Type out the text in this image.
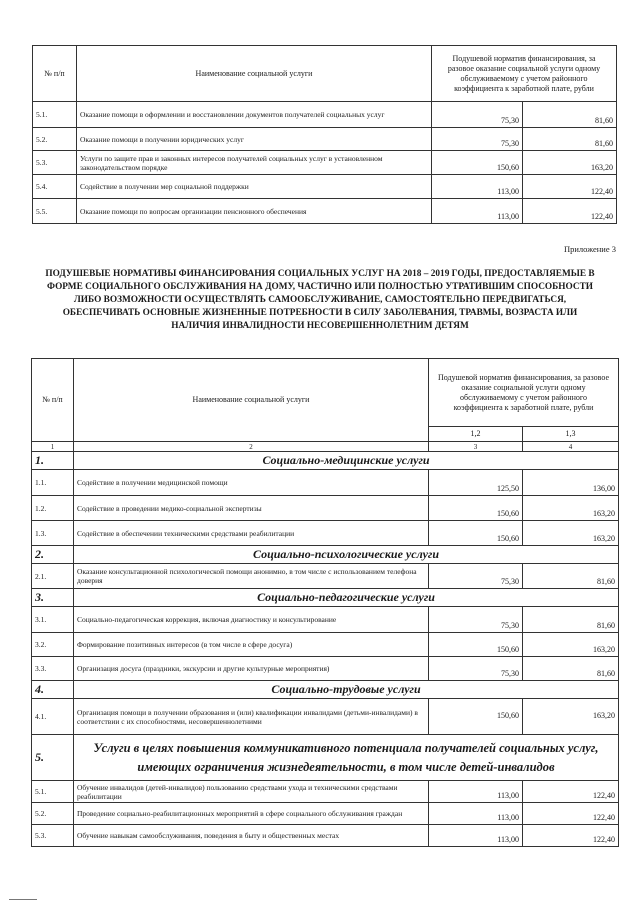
№ п/п	Наименование социальной услуги	Подушевой норматив финансирования, за разовое оказание социальной услуги одному обслуживаемому с учетом районного коэффициента к заработной плате, рубли	
5.1.	Оказание помощи в оформлении и восстановлении документов получателей социальных услуг	75,30	81,60
5.2.	Оказание помощи в получении юридических услуг	75,30	81,60
5.3.	Услуги по защите прав и законных интересов получателей социальных услуг в установленном законодательством порядке	150,60	163,20
5.4.	Содействие в получении мер социальной поддержки	113,00	122,40
5.5.	Оказание помощи по вопросам организации пенсионного обеспечения	113,00	122,40
Приложение 3
ПОДУШЕВЫЕ НОРМАТИВЫ ФИНАНСИРОВАНИЯ СОЦИАЛЬНЫХ УСЛУГ НА 2018 – 2019 ГОДЫ, ПРЕДОСТАВЛЯЕМЫЕ В ФОРМЕ СОЦИАЛЬНОГО ОБСЛУЖИВАНИЯ НА ДОМУ, ЧАСТИЧНО ИЛИ ПОЛНОСТЬЮ УТРАТИВШИМ СПОСОБНОСТИ ЛИБО ВОЗМОЖНОСТИ ОСУЩЕСТВЛЯТЬ САМООБСЛУЖИВАНИЕ, САМОСТОЯТЕЛЬНО ПЕРЕДВИГАТЬСЯ, ОБЕСПЕЧИВАТЬ ОСНОВНЫЕ ЖИЗНЕННЫЕ ПОТРЕБНОСТИ В СИЛУ ЗАБОЛЕВАНИЯ, ТРАВМЫ, ВОЗРАСТА ИЛИ НАЛИЧИЯ ИНВАЛИДНОСТИ НЕСОВЕРШЕННОЛЕТНИМ ДЕТЯМ
№ п/п	Наименование социальной услуги	Подушевой норматив финансирования, за разовое оказание социальной услуги одному обслуживаемому с учетом районного коэффициента к заработной плате, рубли	
		1,2	1,3
1	2	3	4
1.	Социально-медицинские услуги		
1.1.	Содействие в получении медицинской помощи	125,50	136,00
1.2.	Содействие в проведении медико-социальной экспертизы	150,60	163,20
1.3.	Содействие в обеспечении техническими средствами реабилитации	150,60	163,20
2.	Социально-психологические услуги		
2.1.	Оказание консультационной психологической помощи анонимно, в том числе с использованием телефона доверия	75,30	81,60
3.	Социально-педагогические услуги		
3.1.	Социально-педагогическая коррекция, включая диагностику и консультирование	75,30	81,60
3.2.	Формирование позитивных интересов (в том числе в сфере досуга)	150,60	163,20
3.3.	Организация досуга (праздники, экскурсии и другие культурные мероприятия)	75,30	81,60
4.	Социально-трудовые услуги		
4.1.	Организация помощи в получении образования и (или) квалификации инвалидами (детьми-инвалидами) в соответствии с их способностями, несовершеннолетними	150,60	163,20
5.	Услуги в целях повышения коммуникативного потенциала получателей социальных услуг, имеющих ограничения жизнедеятельности, в том числе детей-инвалидов		
5.1.	Обучение инвалидов (детей-инвалидов) пользованию средствами ухода и техническими средствами реабилитации	113,00	122,40
5.2.	Проведение социально-реабилитационных мероприятий в сфере социального обслуживания граждан	113,00	122,40
5.3.	Обучение навыкам самообслуживания, поведения в быту и общественных местах	113,00	122,40
